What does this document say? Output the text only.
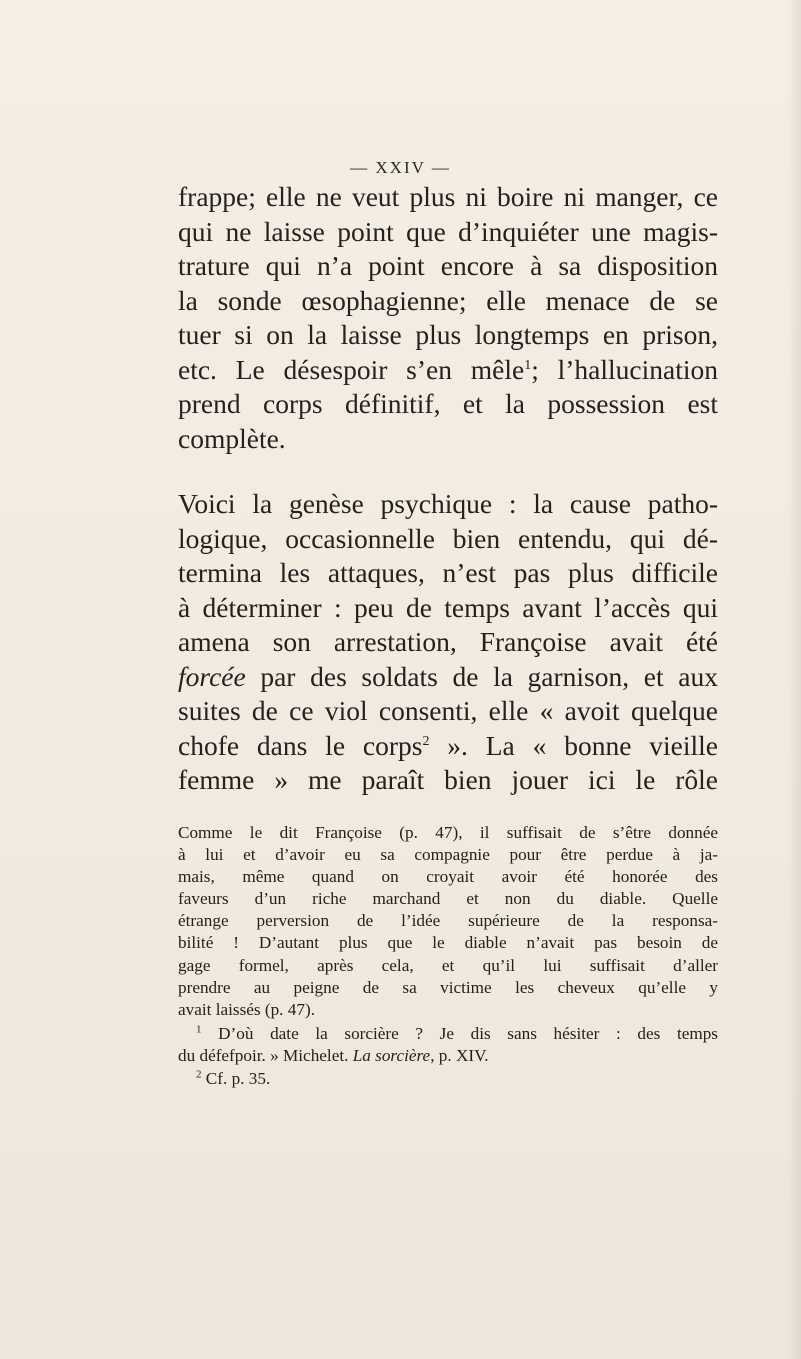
— XXIV —
frappe; elle ne veut plus ni boire ni manger, ce
qui ne laisse point que d’inquiéter une magis-
trature qui n’a point encore à sa disposition
la sonde œsophagienne; elle menace de se
tuer si on la laisse plus longtemps en prison,
etc. Le désespoir s’en mêle$^1$; l’hallucination
prend corps définitif, et la possession est
complète.
Voici la genèse psychique : la cause patho-
logique, occasionnelle bien entendu, qui dé-
termina les attaques, n’est pas plus difficile
à déterminer : peu de temps avant l’accès qui
amena son arrestation, Françoise avait été
forcée par des soldats de la garnison, et aux
suites de ce viol consenti, elle « avoit quelque
chofe dans le corps$^2$ ». La « bonne vieille
femme » me paraît bien jouer ici le rôle
Comme le dit Françoise (p. 47), il suffisait de s’être donnée
à lui et d’avoir eu sa compagnie pour être perdue à ja-
mais, même quand on croyait avoir été honorée des
faveurs d’un riche marchand et non du diable. Quelle
étrange perversion de l’idée supérieure de la responsa-
bilité ! D’autant plus que le diable n’avait pas besoin de
gage formel, après cela, et qu’il lui suffisait d’aller
prendre au peigne de sa victime les cheveux qu’elle y
avait laissés (p. 47).
$^1$ D’où date la sorcière ? Je dis sans hésiter : des temps
du défefpoir. » Michelet. La sorcière, p. XIV.
$^2$ Cf. p. 35.
